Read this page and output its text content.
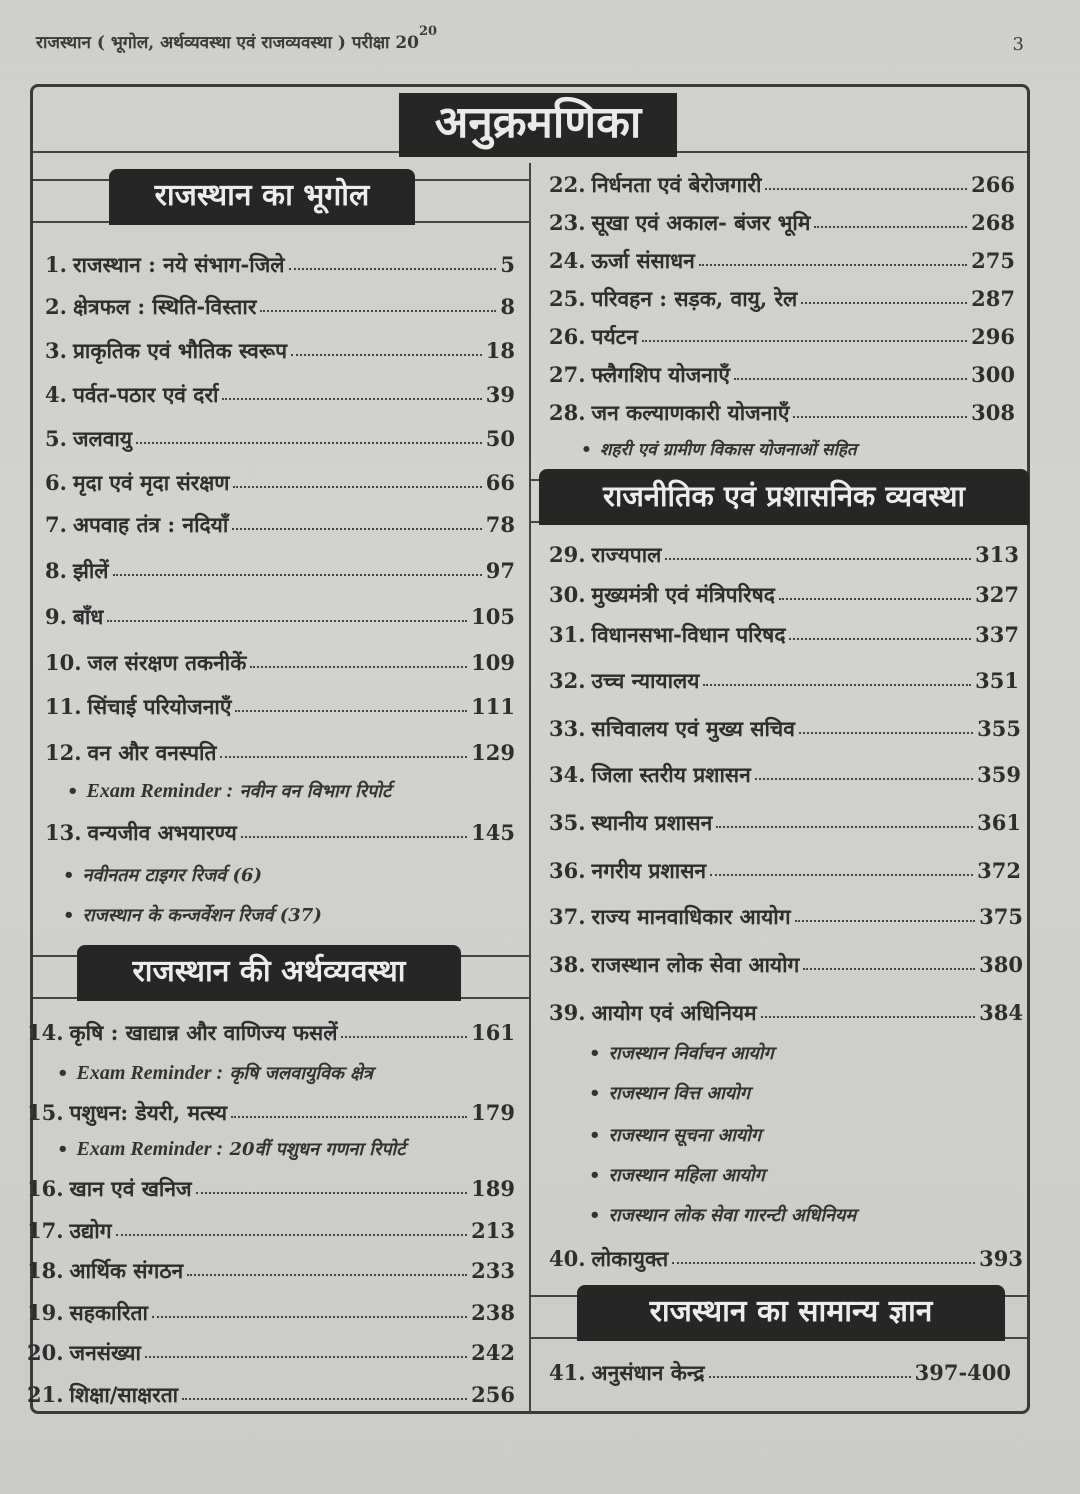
राजस्थान ( भूगोल, अर्थव्यवस्था एवं राजव्यवस्था ) परीक्षा $20^{20}$
3
अनुक्रमणिका
राजस्थान का भूगोल
1. राजस्थान : नये संभाग-जिले	5
2. क्षेत्रफल : स्थिति-विस्तार	8
3. प्राकृतिक एवं भौतिक स्वरूप	18
4. पर्वत-पठार एवं दर्रा	39
5. जलवायु	50
6. मृदा एवं मृदा संरक्षण	66
7. अपवाह तंत्र : नदियाँ	78
8. झीलें	97
9. बाँध	105
10. जल संरक्षण तकनीकें	109
11. सिंचाई परियोजनाएँ	111
12. वन और वनस्पति	129
• Exam Reminder : नवीन वन विभाग रिपोर्ट
13. वन्यजीव अभयारण्य	145
• नवीनतम टाइगर रिजर्व (6)
• राजस्थान के कन्जर्वेशन रिजर्व (37)
राजस्थान की अर्थव्यवस्था
14. कृषि : खाद्यान्न और वाणिज्य फसलें	161
• Exam Reminder : कृषि जलवायुविक क्षेत्र
15. पशुधन: डेयरी, मत्स्य	179
• Exam Reminder : 20वीं पशुधन गणना रिपोर्ट
16. खान एवं खनिज	189
17. उद्योग	213
18. आर्थिक संगठन	233
19. सहकारिता	238
20. जनसंख्या	242
21. शिक्षा/साक्षरता	256
22. निर्धनता एवं बेरोजगारी	266
23. सूखा एवं अकाल- बंजर भूमि	268
24. ऊर्जा संसाधन	275
25. परिवहन : सड़क, वायु, रेल	287
26. पर्यटन	296
27. फ्लैगशिप योजनाएँ	300
28. जन कल्याणकारी योजनाएँ	308
• शहरी एवं ग्रामीण विकास योजनाओं सहित
राजनीतिक एवं प्रशासनिक व्यवस्था
29. राज्यपाल	313
30. मुख्यमंत्री एवं मंत्रिपरिषद	327
31. विधानसभा-विधान परिषद	337
32. उच्च न्यायालय	351
33. सचिवालय एवं मुख्य सचिव	355
34. जिला स्तरीय प्रशासन	359
35. स्थानीय प्रशासन	361
36. नगरीय प्रशासन	372
37. राज्य मानवाधिकार आयोग	375
38. राजस्थान लोक सेवा आयोग	380
39. आयोग एवं अधिनियम	384
• राजस्थान निर्वाचन आयोग
• राजस्थान वित्त आयोग
• राजस्थान सूचना आयोग
• राजस्थान महिला आयोग
• राजस्थान लोक सेवा गारन्टी अधिनियम
40. लोकायुक्त	393
राजस्थान का सामान्य ज्ञान
41. अनुसंधान केन्द्र	397-400
